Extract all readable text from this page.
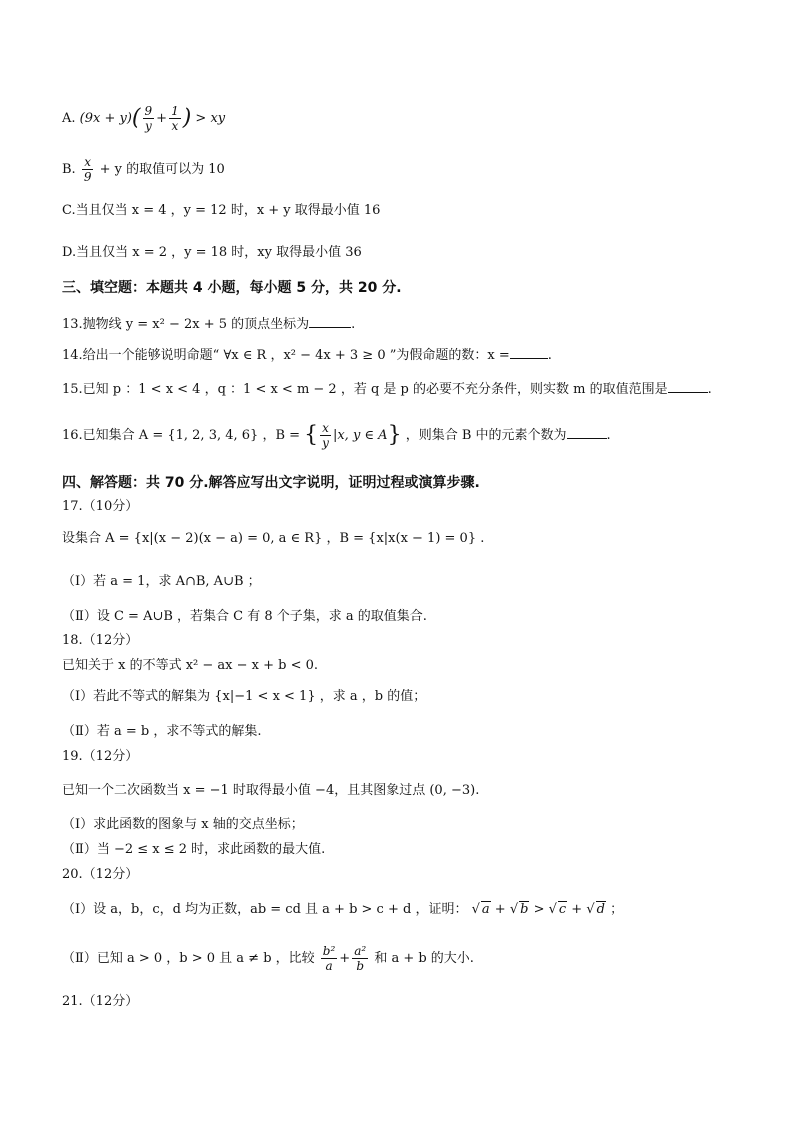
A. $(9x + y)( \frac{9}{y} + \frac{1}{x}$ ) > xy
B. $\frac{x}{9} + y$ 的取值可以为 10
C.当且仅当 x = 4 ，y = 12 时，x + y 取得最小值 16
D.当且仅当 x = 2 ，y = 18 时，xy 取得最小值 36
三、填空题：本题共 4 小题，每小题 5 分，共 20 分.
13.抛物线 y = x² − 2x + 5 的顶点坐标为	.
14.给出一个能够说明命题“ ∀x ∈ R ，x² − 4x + 3 ≥ 0 ”为假命题的数：x =	.
15.已知 p ：1 < x < 4 ，q ：1 < x < m − 2 ，若 q 是 p 的必要不充分条件，则实数 m 的取值范围是	.
16.已知集合 A = {1, 2, 3, 4, 6} ，B = { $\frac{x}{y} |x$, y ∈ A} ，则集合 B 中的元素个数为	.
四、解答题：共 70 分.解答应写出文字说明，证明过程或演算步骤.
17.（10分）
设集合 A = {x|(x − 2)(x − a) = 0, a ∈ R} ，B = {x|x(x − 1) = 0} .
（Ⅰ）若 a = 1，求 A∩B, A∪B ；
（Ⅱ）设 C = A∪B ，若集合 C 有 8 个子集，求 a 的取值集合.
18.（12分）
已知关于 x 的不等式 x² − ax − x + b < 0.
（Ⅰ）若此不等式的解集为 {x|−1 < x < 1} ，求 a ，b 的值；
（Ⅱ）若 a = b ，求不等式的解集.
19.（12分）
已知一个二次函数当 x = −1 时取得最小值 −4，且其图象过点 (0, −3).
（Ⅰ）求此函数的图象与 x 轴的交点坐标；
（Ⅱ）当 −2 ≤ x ≤ 2 时，求此函数的最大值.
20.（12分）
（Ⅰ）设 a，b，c，d 均为正数，ab = cd 且 a + b > c + d ，证明： √ a + √ b > √ c + √ d ；
（Ⅱ）已知 a > 0 ，b > 0 且 a ≠ b ，比较 $\frac{\text{b²}}{a} + \frac{\text{a²}}{b}$ 和 a + b 的大小.
21.（12分）
